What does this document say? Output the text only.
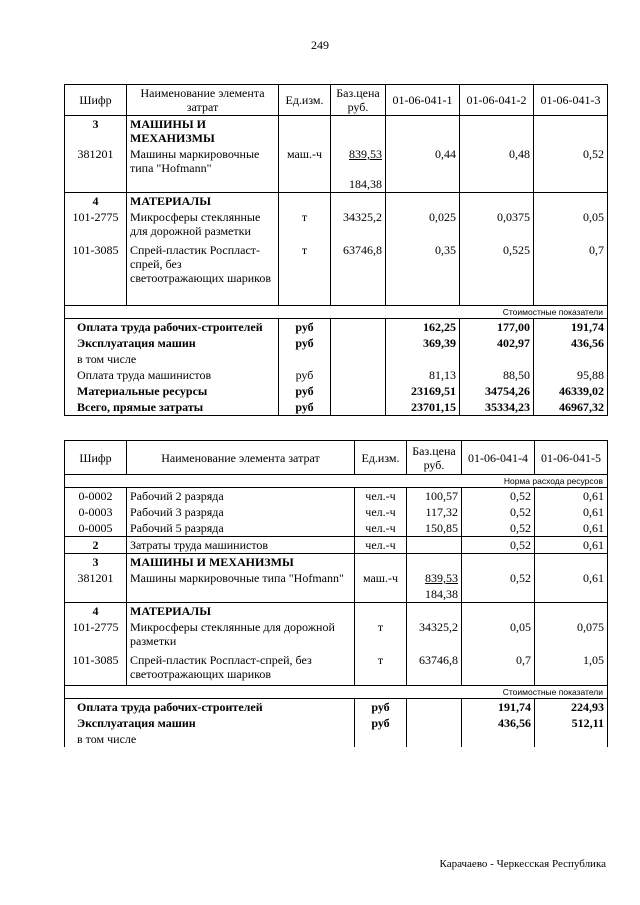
249
Шифр	Наименование элемента затрат	Ед.изм.	Баз.цена руб.	01-06-041-1	01-06-041-2	01-06-041-3
3	МАШИНЫ И МЕХАНИЗМЫ					
381201	Машины маркировочные типа "Hofmann"	маш.-ч	839,53	0,44	0,48	0,52
			184,38			
4	МАТЕРИАЛЫ					
101-2775	Микросферы стеклянные для дорожной разметки	т	34325,2	0,025	0,0375	0,05
101-3085	Спрей-пластик Роспласт-спрей, без светоотражающих шариков	т	63746,8	0,35	0,525	0,7
Стоимостные показатели						
Оплата труда рабочих-строителей		руб		162,25	177,00	191,74
Эксплуатация машин		руб		369,39	402,97	436,56
в том числе						
Оплата труда машинистов		руб		81,13	88,50	95,88
Материальные ресурсы		руб		23169,51	34754,26	46339,02
Всего, прямые затраты		руб		23701,15	35334,23	46967,32
Шифр	Наименование элемента затрат	Ед.изм.	Баз.цена руб.	01-06-041-4	01-06-041-5
Норма расхода ресурсов					
0-0002	Рабочий 2 разряда	чел.-ч	100,57	0,52	0,61
0-0003	Рабочий 3 разряда	чел.-ч	117,32	0,52	0,61
0-0005	Рабочий 5 разряда	чел.-ч	150,85	0,52	0,61
2	Затраты труда машинистов	чел.-ч		0,52	0,61
3	МАШИНЫ И МЕХАНИЗМЫ				
381201	Машины маркировочные типа "Hofmann"	маш.-ч	839,53	0,52	0,61
			184,38		
4	МАТЕРИАЛЫ				
101-2775	Микросферы стеклянные для дорожной разметки	т	34325,2	0,05	0,075
101-3085	Спрей-пластик Роспласт-спрей, без светоотражающих шариков	т	63746,8	0,7	1,05
Стоимостные показатели					
Оплата труда рабочих-строителей		руб		191,74	224,93
Эксплуатация машин		руб		436,56	512,11
в том числе					
Карачаево - Черкесская Республика
